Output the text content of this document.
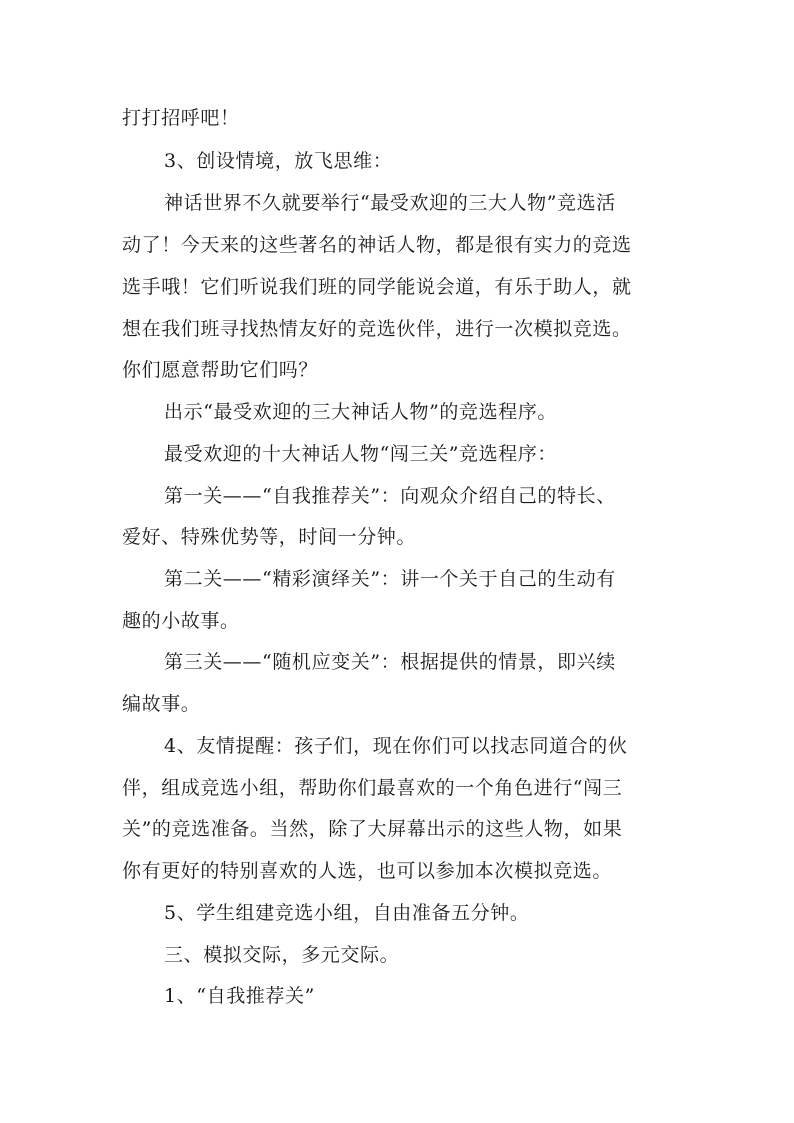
打打招呼吧！

3、创设情境，放飞思维：

神话世界不久就要举行“最受欢迎的三大人物”竞选活

动了！今天来的这些著名的神话人物，都是很有实力的竞选

选手哦！它们听说我们班的同学能说会道，有乐于助人，就

想在我们班寻找热情友好的竞选伙伴，进行一次模拟竞选。

你们愿意帮助它们吗？

出示“最受欢迎的三大神话人物”的竞选程序。

最受欢迎的十大神话人物“闯三关”竞选程序：

第一关——“自我推荐关”：向观众介绍自己的特长、

爱好、特殊优势等，时间一分钟。

第二关——“精彩演绎关”：讲一个关于自己的生动有

趣的小故事。

第三关——“随机应变关”：根据提供的情景，即兴续

编故事。

4、友情提醒：孩子们，现在你们可以找志同道合的伙

伴，组成竞选小组，帮助你们最喜欢的一个角色进行“闯三

关”的竞选准备。当然，除了大屏幕出示的这些人物，如果

你有更好的特别喜欢的人选，也可以参加本次模拟竞选。

5、学生组建竞选小组，自由准备五分钟。

三、模拟交际，多元交际。

1、“自我推荐关”
